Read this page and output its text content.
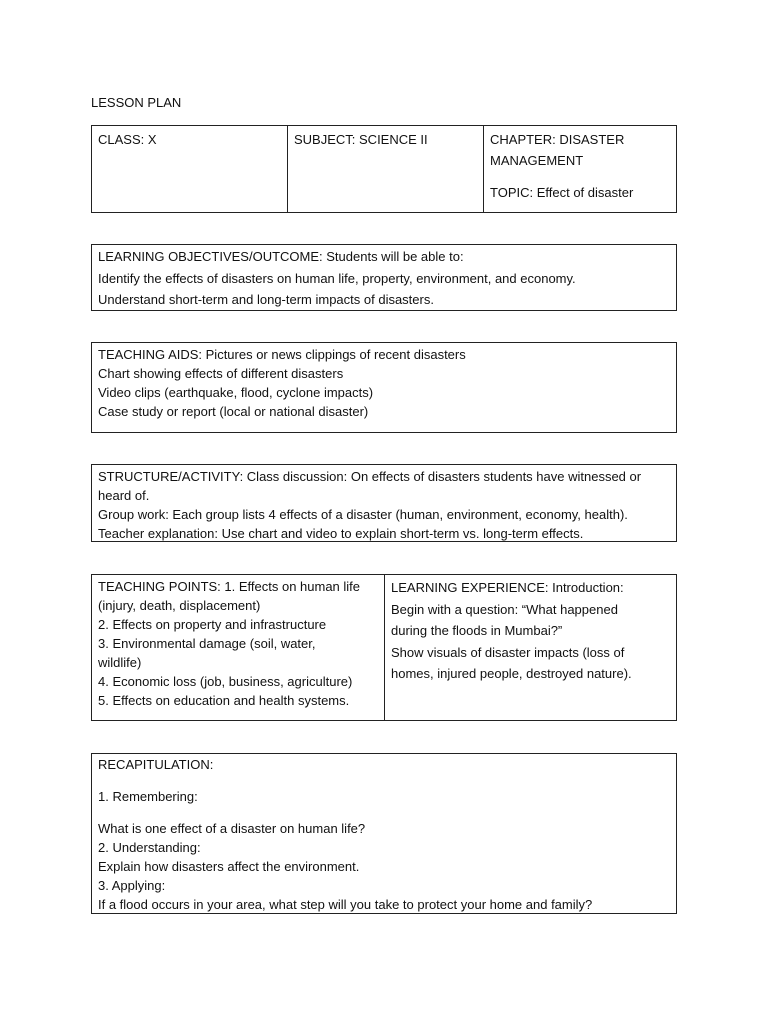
LESSON PLAN
CLASS: X	SUBJECT: SCIENCE II	CHAPTER: DISASTER
MANAGEMENT
TOPIC: Effect of disaster
LEARNING OBJECTIVES/OUTCOME: Students will be able to:
Identify the effects of disasters on human life, property, environment, and economy.
Understand short-term and long-term impacts of disasters.
TEACHING AIDS: Pictures or news clippings of recent disasters
Chart showing effects of different disasters
Video clips (earthquake, flood, cyclone impacts)
Case study or report (local or national disaster)
STRUCTURE/ACTIVITY: Class discussion: On effects of disasters students have witnessed or
heard of.
Group work: Each group lists 4 effects of a disaster (human, environment, economy, health).
Teacher explanation: Use chart and video to explain short-term vs. long-term effects.
TEACHING POINTS: 1. Effects on human life
(injury, death, displacement)
2. Effects on property and infrastructure
3. Environmental damage (soil, water,
wildlife)
4. Economic loss (job, business, agriculture)
5. Effects on education and health systems.
LEARNING EXPERIENCE: Introduction:
Begin with a question: “What happened
during the floods in Mumbai?”
Show visuals of disaster impacts (loss of
homes, injured people, destroyed nature).
RECAPITULATION:
1. Remembering:
What is one effect of a disaster on human life?
2. Understanding:
Explain how disasters affect the environment.
3. Applying:
If a flood occurs in your area, what step will you take to protect your home and family?
